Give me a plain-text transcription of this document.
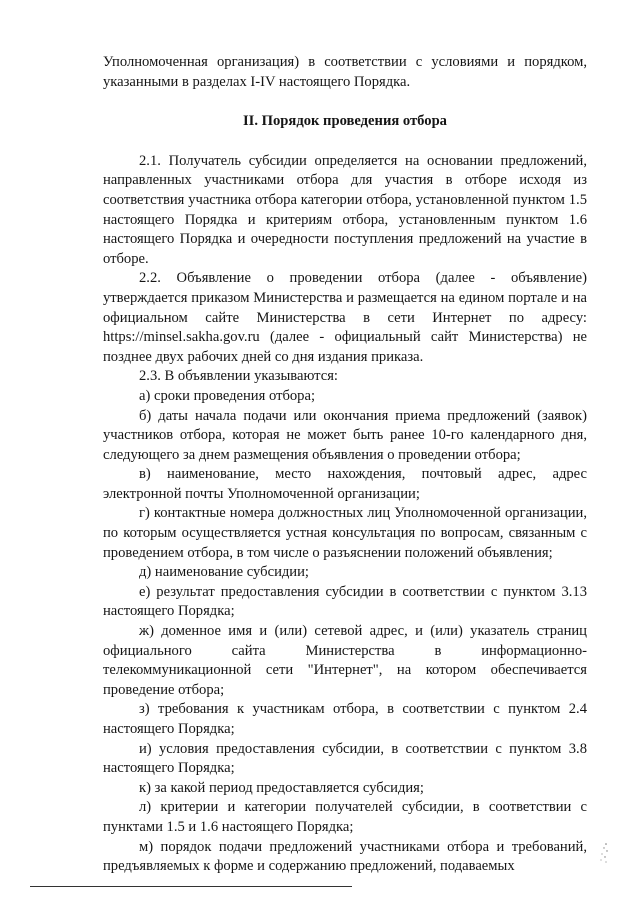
Уполномоченная организация) в соответствии с условиями и порядком, указанными в разделах I-IV настоящего Порядка.

II. Порядок проведения отбора

2.1. Получатель субсидии определяется на основании предложений, направленных участниками отбора для участия в отборе исходя из соответствия участника отбора категории отбора, установленной пунктом 1.5 настоящего Порядка и критериям отбора, установленным пунктом 1.6 настоящего Порядка и очередности поступления предложений на участие в отборе.

2.2. Объявление о проведении отбора (далее - объявление) утверждается приказом Министерства и размещается на едином портале и на официальном сайте Министерства в сети Интернет по адресу: https://minsel.sakha.gov.ru (далее - официальный сайт Министерства) не позднее двух рабочих дней со дня издания приказа.

2.3. В объявлении указываются:

а) сроки проведения отбора;

б) даты начала подачи или окончания приема предложений (заявок) участников отбора, которая не может быть ранее 10-го календарного дня, следующего за днем размещения объявления о проведении отбора;

в) наименование, место нахождения, почтовый адрес, адрес электронной почты Уполномоченной организации;

г) контактные номера должностных лиц Уполномоченной организации, по которым осуществляется устная консультация по вопросам, связанным с проведением отбора, в том числе о разъяснении положений объявления;

д) наименование субсидии;

е) результат предоставления субсидии в соответствии с пунктом 3.13 настоящего Порядка;

ж) доменное имя и (или) сетевой адрес, и (или) указатель страниц официального сайта Министерства в информационно-телекоммуникационной сети "Интернет", на котором обеспечивается проведение отбора;

з) требования к участникам отбора, в соответствии с пунктом 2.4 настоящего Порядка;

и) условия предоставления субсидии, в соответствии с пунктом 3.8 настоящего Порядка;

к) за какой период предоставляется субсидия;

л) критерии и категории получателей субсидии, в соответствии с пунктами 1.5 и 1.6 настоящего Порядка;

м) порядок подачи предложений участниками отбора и требований, предъявляемых к форме и содержанию предложений, подаваемых
